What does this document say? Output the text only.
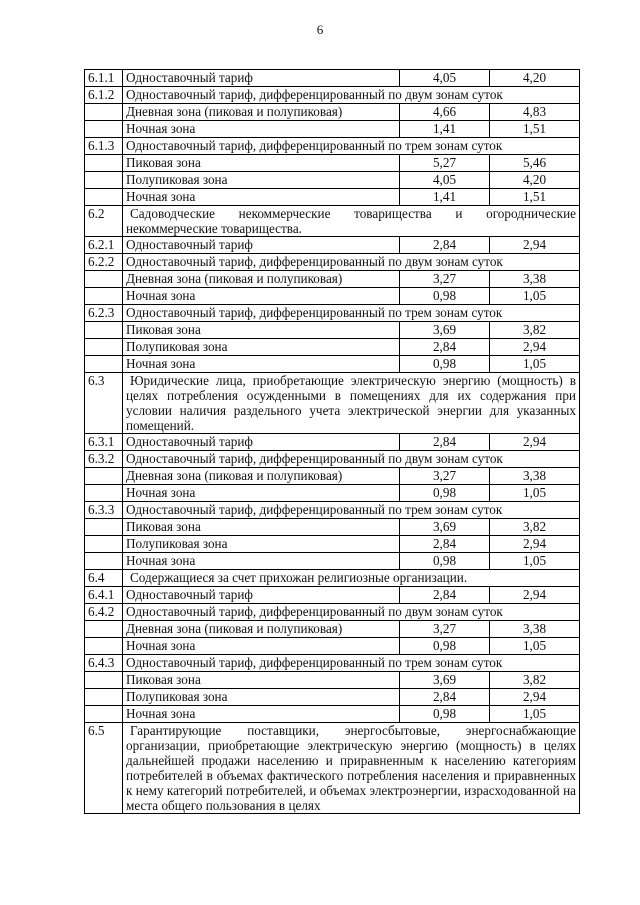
6
6.1.1	Одноставочный тариф	4,05	4,20
6.1.2	Одноставочный тариф, дифференцированный по двум зонам суток		
	Дневная зона (пиковая и полупиковая)	4,66	4,83
	Ночная зона	1,41	1,51
6.1.3	Одноставочный тариф, дифференцированный по трем зонам суток		
	Пиковая зона	5,27	5,46
	Полупиковая зона	4,05	4,20
	Ночная зона	1,41	1,51
6.2	Садоводческие некоммерческие товарищества и огороднические некоммерческие товарищества.		
6.2.1	Одноставочный тариф	2,84	2,94
6.2.2	Одноставочный тариф, дифференцированный по двум зонам суток		
	Дневная зона (пиковая и полупиковая)	3,27	3,38
	Ночная зона	0,98	1,05
6.2.3	Одноставочный тариф, дифференцированный по трем зонам суток		
	Пиковая зона	3,69	3,82
	Полупиковая зона	2,84	2,94
	Ночная зона	0,98	1,05
6.3	Юридические лица, приобретающие электрическую энергию (мощность) в целях потребления осужденными в помещениях для их содержания при условии наличия раздельного учета электрической энергии для указанных помещений.		
6.3.1	Одноставочный тариф	2,84	2,94
6.3.2	Одноставочный тариф, дифференцированный по двум зонам суток		
	Дневная зона (пиковая и полупиковая)	3,27	3,38
	Ночная зона	0,98	1,05
6.3.3	Одноставочный тариф, дифференцированный по трем зонам суток		
	Пиковая зона	3,69	3,82
	Полупиковая зона	2,84	2,94
	Ночная зона	0,98	1,05
6.4	Содержащиеся за счет прихожан религиозные организации.		
6.4.1	Одноставочный тариф	2,84	2,94
6.4.2	Одноставочный тариф, дифференцированный по двум зонам суток		
	Дневная зона (пиковая и полупиковая)	3,27	3,38
	Ночная зона	0,98	1,05
6.4.3	Одноставочный тариф, дифференцированный по трем зонам суток		
	Пиковая зона	3,69	3,82
	Полупиковая зона	2,84	2,94
	Ночная зона	0,98	1,05
6.5	Гарантирующие поставщики, энергосбытовые, энергоснабжающие организации, приобретающие электрическую энергию (мощность) в целях дальнейшей продажи населению и приравненным к населению категориям потребителей в объемах фактического потребления населения и приравненных к нему категорий потребителей, и объемах электроэнергии, израсходованной на места общего пользования в целях		
